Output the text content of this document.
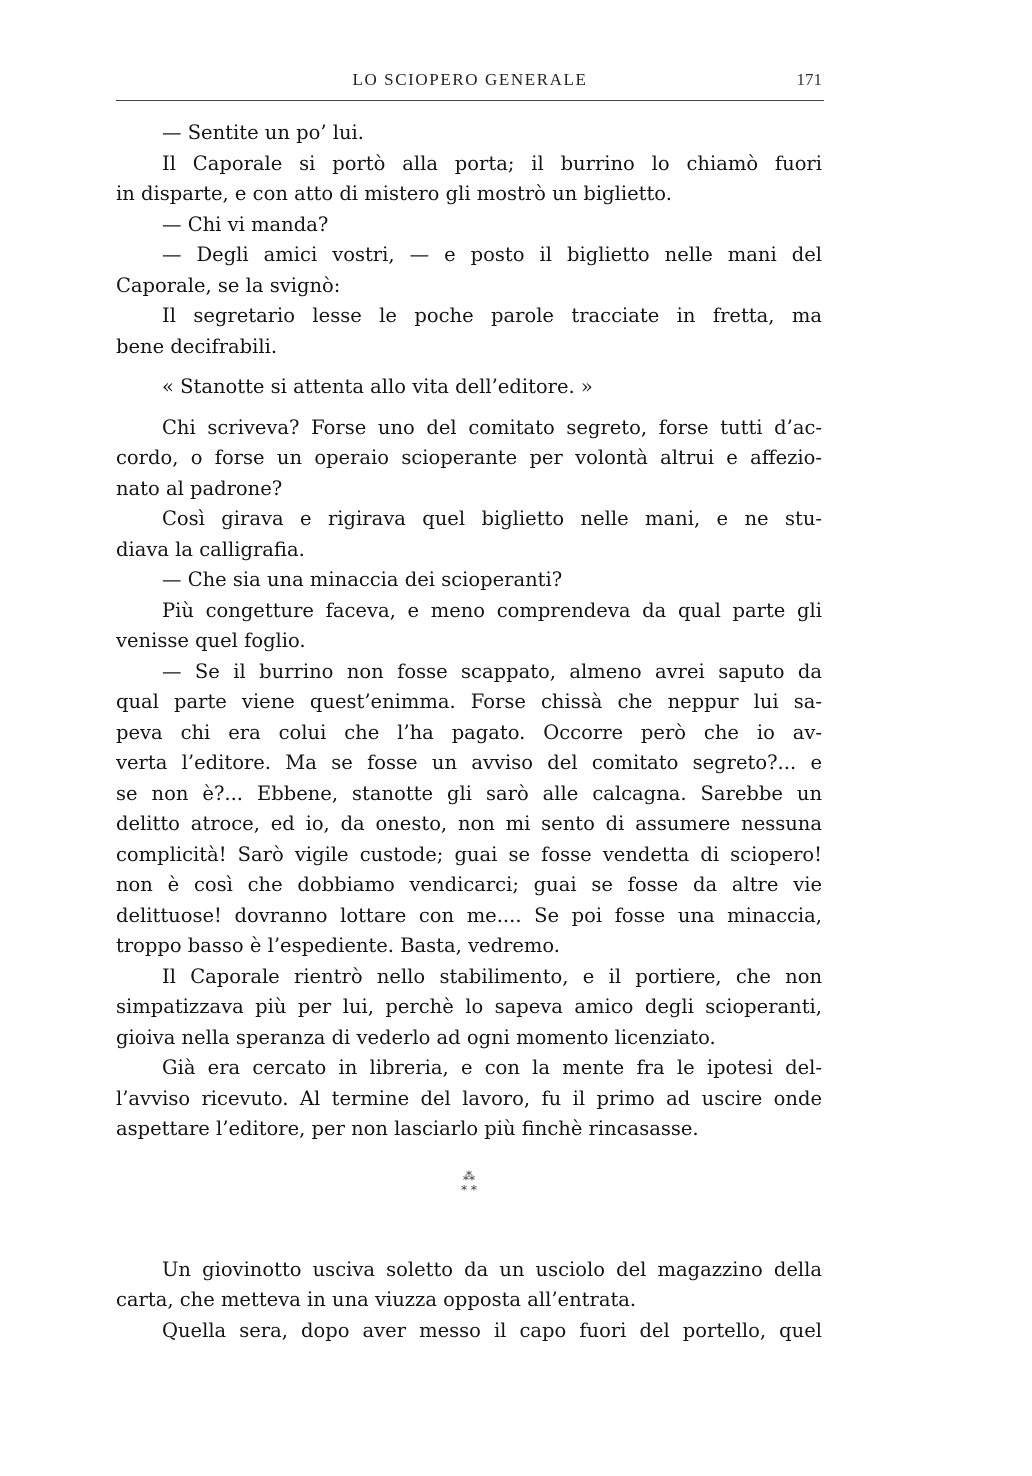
LO SCIOPERO GENERALE	171
— Sentite un po’ lui.
Il Caporale si portò alla porta; il burrino lo chiamò fuori
in disparte, e con atto di mistero gli mostrò un biglietto.
— Chi vi manda?
— Degli amici vostri, — e posto il biglietto nelle mani del
Caporale, se la svignò:
Il segretario lesse le poche parole tracciate in fretta, ma
bene decifrabili.
« Stanotte si attenta allo vita dell’editore. »
Chi scriveva? Forse uno del comitato segreto, forse tutti d’ac-
cordo, o forse un operaio scioperante per volontà altrui e affezio-
nato al padrone?
Così girava e rigirava quel biglietto nelle mani, e ne stu-
diava la calligrafia.
— Che sia una minaccia dei scioperanti?
Più congetture faceva, e meno comprendeva da qual parte gli
venisse quel foglio.
— Se il burrino non fosse scappato, almeno avrei saputo da
qual parte viene quest’enimma. Forse chissà che neppur lui sa-
peva chi era colui che l’ha pagato. Occorre però che io av-
verta l’editore. Ma se fosse un avviso del comitato segreto?... e
se non è?... Ebbene, stanotte gli sarò alle calcagna. Sarebbe un
delitto atroce, ed io, da onesto, non mi sento di assumere nessuna
complicità! Sarò vigile custode; guai se fosse vendetta di sciopero!
non è così che dobbiamo vendicarci; guai se fosse da altre vie
delittuose! dovranno lottare con me.... Se poi fosse una minaccia,
troppo basso è l’espediente. Basta, vedremo.
Il Caporale rientrò nello stabilimento, e il portiere, che non
simpatizzava più per lui, perchè lo sapeva amico degli scioperanti,
gioiva nella speranza di vederlo ad ogni momento licenziato.
Già era cercato in libreria, e con la mente fra le ipotesi del-
l’avviso ricevuto. Al termine del lavoro, fu il primo ad uscire onde
aspettare l’editore, per non lasciarlo più finchè rincasasse.
⁂
* *
Un giovinotto usciva soletto da un usciolo del magazzino della
carta, che metteva in una viuzza opposta all’entrata.
Quella sera, dopo aver messo il capo fuori del portello, quel
